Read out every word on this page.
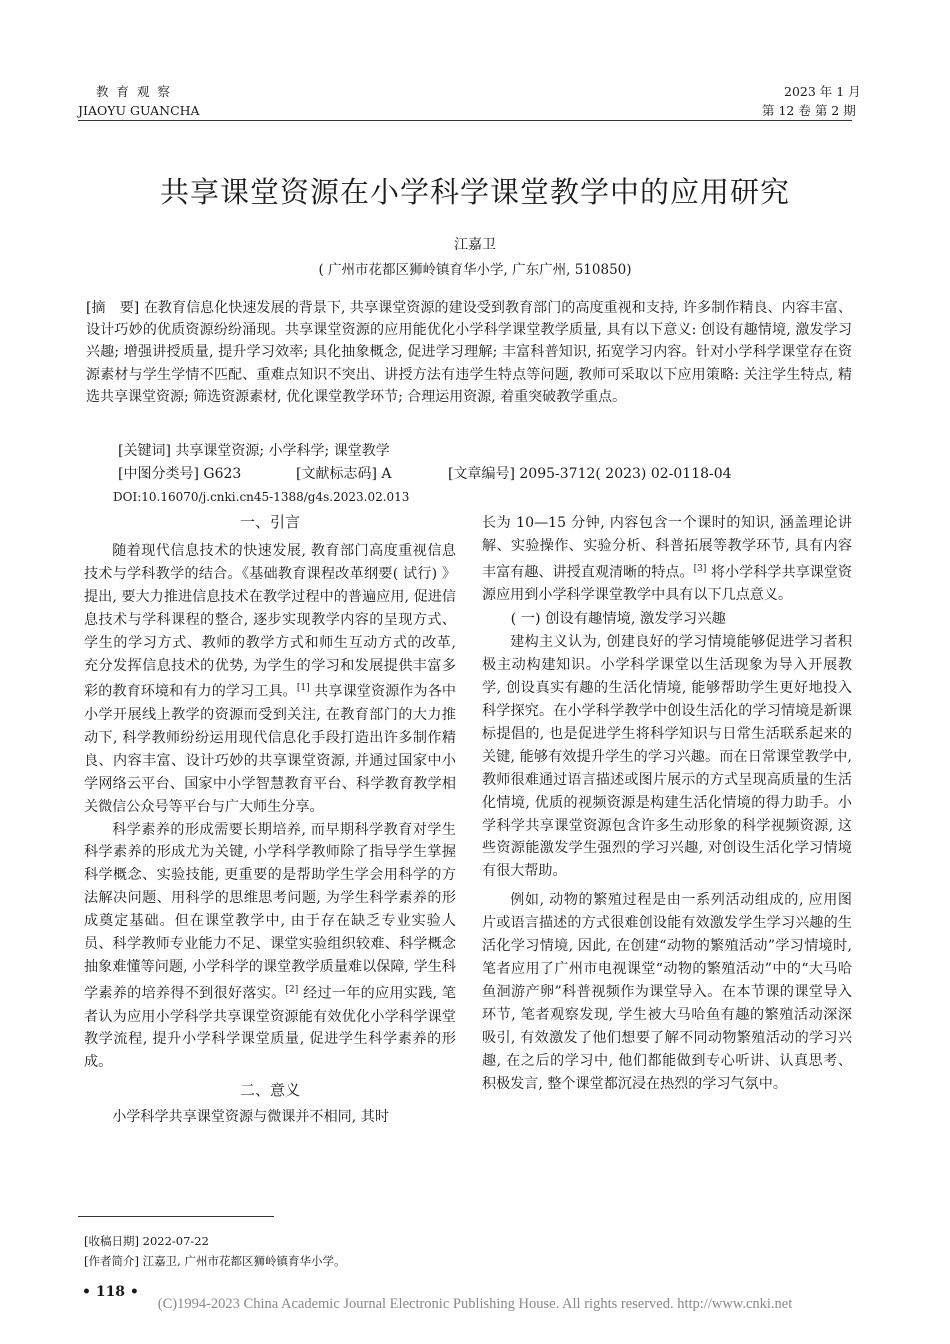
教 育 观 察
JIAOYU GUANCHA
2023 年 1 月
第 12 卷 第 2 期
共享课堂资源在小学科学课堂教学中的应用研究
江嘉卫
( 广州市花都区狮岭镇育华小学, 广东广州, 510850)
[摘　要] 在教育信息化快速发展的背景下, 共享课堂资源的建设受到教育部门的高度重视和支持, 许多制作精良、内容丰富、设计巧妙的优质资源纷纷涌现。共享课堂资源的应用能优化小学科学课堂教学质量, 具有以下意义: 创设有趣情境, 激发学习兴趣; 增强讲授质量, 提升学习效率; 具化抽象概念, 促进学习理解; 丰富科普知识, 拓宽学习内容。针对小学科学课堂存在资源素材与学生学情不匹配、重难点知识不突出、讲授方法有违学生特点等问题, 教师可采取以下应用策略: 关注学生特点, 精选共享课堂资源; 筛选资源素材, 优化课堂教学环节; 合理运用资源, 着重突破教学重点。
[关键词] 共享课堂资源; 小学科学; 课堂教学
[中图分类号] G623	[文献标志码] A	[文章编号] 2095-3712( 2023) 02-0118-04
DOI:10.16070/j.cnki.cn45-1388/g4s.2023.02.013
一、引言

随着现代信息技术的快速发展, 教育部门高度重视信息技术与学科教学的结合。《基础教育课程改革纲要( 试行) 》提出, 要大力推进信息技术在教学过程中的普遍应用, 促进信息技术与学科课程的整合, 逐步实现教学内容的呈现方式、学生的学习方式、教师的教学方式和师生互动方式的改革, 充分发挥信息技术的优势, 为学生的学习和发展提供丰富多彩的教育环境和有力的学习工具。[1] 共享课堂资源作为各中小学开展线上教学的资源而受到关注, 在教育部门的大力推动下, 科学教师纷纷运用现代信息化手段打造出许多制作精良、内容丰富、设计巧妙的共享课堂资源, 并通过国家中小学网络云平台、国家中小学智慧教育平台、科学教育教学相关微信公众号等平台与广大师生分享。

科学素养的形成需要长期培养, 而早期科学教育对学生科学素养的形成尤为关键, 小学科学教师除了指导学生掌握科学概念、实验技能, 更重要的是帮助学生学会用科学的方法解决问题、用科学的思维思考问题, 为学生科学素养的形成奠定基础。但在课堂教学中, 由于存在缺乏专业实验人员、科学教师专业能力不足、课堂实验组织较难、科学概念抽象难懂等问题, 小学科学的课堂教学质量难以保障, 学生科学素养的培养得不到很好落实。[2] 经过一年的应用实践, 笔者认为应用小学科学共享课堂资源能有效优化小学科学课堂教学流程, 提升小学科学课堂质量, 促进学生科学素养的形成。

二、意义

小学科学共享课堂资源与微课并不相同, 其时

长为 10—15 分钟, 内容包含一个课时的知识, 涵盖理论讲解、实验操作、实验分析、科普拓展等教学环节, 具有内容丰富有趣、讲授直观清晰的特点。[3] 将小学科学共享课堂资源应用到小学科学课堂教学中具有以下几点意义。

( 一) 创设有趣情境, 激发学习兴趣

建构主义认为, 创建良好的学习情境能够促进学习者积极主动构建知识。小学科学课堂以生活现象为导入开展教学, 创设真实有趣的生活化情境, 能够帮助学生更好地投入科学探究。在小学科学教学中创设生活化的学习情境是新课标提倡的, 也是促进学生将科学知识与日常生活联系起来的关键, 能够有效提升学生的学习兴趣。而在日常课堂教学中, 教师很难通过语言描述或图片展示的方式呈现高质量的生活化情境, 优质的视频资源是构建生活化情境的得力助手。小学科学共享课堂资源包含许多生动形象的科学视频资源, 这些资源能激发学生强烈的学习兴趣, 对创设生活化学习情境有很大帮助。

例如, 动物的繁殖过程是由一系列活动组成的, 应用图片或语言描述的方式很难创设能有效激发学生学习兴趣的生活化学习情境, 因此, 在创建“动物的繁殖活动”学习情境时, 笔者应用了广州市电视课堂“动物的繁殖活动”中的“大马哈鱼洄游产卵”科普视频作为课堂导入。在本节课的课堂导入环节, 笔者观察发现, 学生被大马哈鱼有趣的繁殖活动深深吸引, 有效激发了他们想要了解不同动物繁殖活动的学习兴趣, 在之后的学习中, 他们都能做到专心听讲、认真思考、积极发言, 整个课堂都沉浸在热烈的学习气氛中。

[收稿日期] 2022-07-22
[作者简介] 江嘉卫, 广州市花都区狮岭镇育华小学。
• 118 •
(C)1994-2023 China Academic Journal Electronic Publishing House. All rights reserved. http://www.cnki.net
